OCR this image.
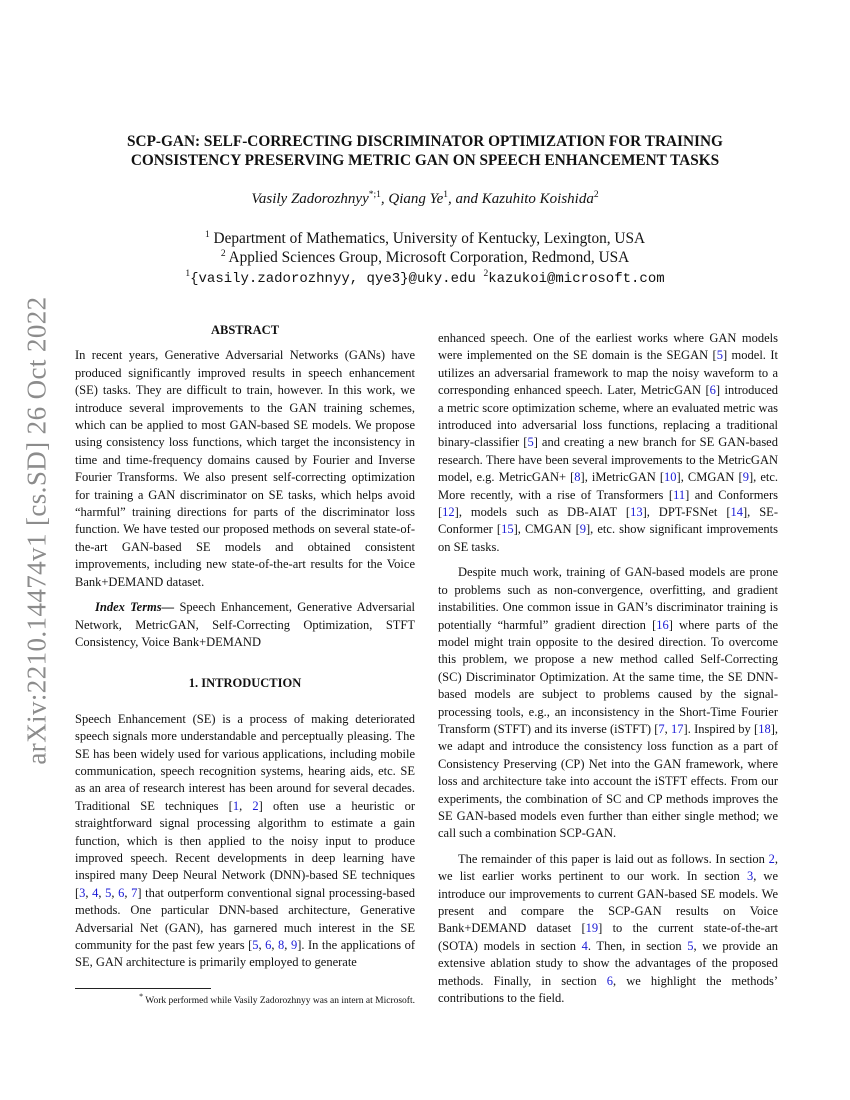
arXiv:2210.14474v1 [cs.SD] 26 Oct 2022
SCP-GAN: SELF-CORRECTING DISCRIMINATOR OPTIMIZATION FOR TRAINING
CONSISTENCY PRESERVING METRIC GAN ON SPEECH ENHANCEMENT TASKS
Vasily Zadorozhnyy$^{*;1}$, Qiang Ye$^1$, and Kazuhito Koishida$^2$
$^1$ Department of Mathematics, University of Kentucky, Lexington, USA
$^2$ Applied Sciences Group, Microsoft Corporation, Redmond, USA
$^1${vasily.zadorozhnyy, qye3}@uky.edu $^2$kazukoi@microsoft.com
ABSTRACT

In recent years, Generative Adversarial Networks (GANs) have produced significantly improved results in speech enhancement (SE) tasks. They are difficult to train, however. In this work, we introduce several improvements to the GAN training schemes, which can be applied to most GAN-based SE models. We propose using consistency loss functions, which target the inconsistency in time and time-frequency domains caused by Fourier and Inverse Fourier Transforms. We also present self-correcting optimization for training a GAN discriminator on SE tasks, which helps avoid “harmful” training directions for parts of the discriminator loss function. We have tested our proposed methods on several state-of-the-art GAN-based SE models and obtained consistent improvements, including new state-of-the-art results for the Voice Bank+DEMAND dataset.

Index Terms— Speech Enhancement, Generative Adversarial Network, MetricGAN, Self-Correcting Optimization, STFT Consistency, Voice Bank+DEMAND

1. INTRODUCTION

Speech Enhancement (SE) is a process of making deteriorated speech signals more understandable and perceptually pleasing. The SE has been widely used for various applications, including mobile communication, speech recognition systems, hearing aids, etc. SE as an area of research interest has been around for several decades. Traditional SE techniques [1, 2] often use a heuristic or straightforward signal processing algorithm to estimate a gain function, which is then applied to the noisy input to produce improved speech. Recent developments in deep learning have inspired many Deep Neural Network (DNN)-based SE techniques [3, 4, 5, 6, 7] that outperform conventional signal processing-based methods. One particular DNN-based architecture, Generative Adversarial Net (GAN), has garnered much interest in the SE community for the past few years [5, 6, 8, 9]. In the applications of SE, GAN architecture is primarily employed to generate

enhanced speech. One of the earliest works where GAN models were implemented on the SE domain is the SEGAN [5] model. It utilizes an adversarial framework to map the noisy waveform to a corresponding enhanced speech. Later, MetricGAN [6] introduced a metric score optimization scheme, where an evaluated metric was introduced into adversarial loss functions, replacing a traditional binary-classifier [5] and creating a new branch for SE GAN-based research. There have been several improvements to the MetricGAN model, e.g. MetricGAN+ [8], iMetricGAN [10], CMGAN [9], etc. More recently, with a rise of Transformers [11] and Conformers [12], models such as DB-AIAT [13], DPT-FSNet [14], SE-Conformer [15], CMGAN [9], etc. show significant improvements on SE tasks.

Despite much work, training of GAN-based models are prone to problems such as non-convergence, overfitting, and gradient instabilities. One common issue in GAN’s discriminator training is potentially “harmful” gradient direction [16] where parts of the model might train opposite to the desired direction. To overcome this problem, we propose a new method called Self-Correcting (SC) Discriminator Optimization. At the same time, the SE DNN-based models are subject to problems caused by the signal-processing tools, e.g., an inconsistency in the Short-Time Fourier Transform (STFT) and its inverse (iSTFT) [7, 17]. Inspired by [18], we adapt and introduce the consistency loss function as a part of Consistency Preserving (CP) Net into the GAN framework, where loss and architecture take into account the iSTFT effects. From our experiments, the combination of SC and CP methods improves the SE GAN-based models even further than either single method; we call such a combination SCP-GAN.

The remainder of this paper is laid out as follows. In section 2, we list earlier works pertinent to our work. In section 3, we introduce our improvements to current GAN-based SE models. We present and compare the SCP-GAN results on Voice Bank+DEMAND dataset [19] to the current state-of-the-art (SOTA) models in section 4. Then, in section 5, we provide an extensive ablation study to show the advantages of the proposed methods. Finally, in section 6, we highlight the methods’ contributions to the field.

* Work performed while Vasily Zadorozhnyy was an intern at Microsoft.
